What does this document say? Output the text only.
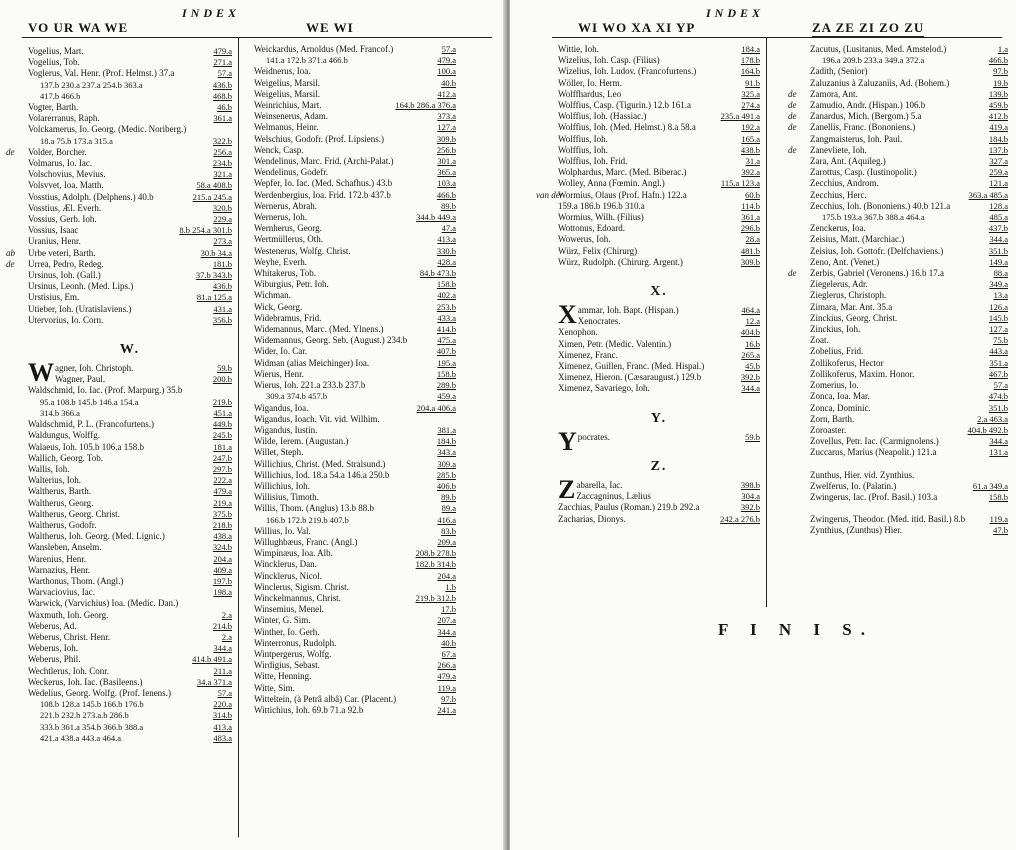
INDEX
VO UR WA WE	WE WI
Vogelius, Mart.	479.a
Vogelius, Tob.	271.a
Voglerus, Val. Henr. (Prof. Helmst.) 37.a	57.a
137.b 230.a 237.a 254.b 363.a	436.b
417.b 466.b	468.b
Vogter, Barth.	46.b
Volarerranus, Raph.	361.a
Volckamerus, Io. Georg. (Medic. Noriberg.)
18.a 75.b 173.a 315.a	322.b
de Volder, Borcher.	256.a
Volmarus, Io. Iac.	234.b
Volschovius, Mevius.	321.a
Volsvvet, Ioa. Matth.	58.a 408.b
Vosstius, Adolph. (Delphens.) 40.b	215.a 245.a
Vosstius, Æl. Everh.	320.b
Vossius, Gerb. Ioh.	229.a
Vossius, Isaac	8.b 254.a 301.b
Uranius, Henr.	273.a
ab Urbe veteri, Barth.	30.b 34.a
de Urrea, Pedro, Redeg.	181.b
Ursinus, Ioh. (Gall.)	37.b 343.b
Ursinus, Leonh. (Med. Lips.)	436.b
Urstisius, Em.	81.a 125.a
Utieber, Ioh. (Uratislaviens.)	431.a
Utervorius, Io. Corn.	356.b
W.
Wagner, Ioh. Christoph.	59.b
Wagner, Paul.	200.b
Waldschmid, Io. Iac. (Prof. Marpurg.) 35.b
95.a 108.b 145.b 146.a 154.a	219.b
314.b 366.a	451.a
Waldschmid, P. L. (Francofurtens.)	449.b
Waldungus, Wolffg.	245.b
Walaeus, Ioh. 105.b 106.a 158.b	181.a
Wallich, Georg. Tob.	247.b
Wallis, Ioh.	297.b
Walterius, Ioh.	222.a
Waltherus, Barth.	479.a
Waltherus, Georg.	219.a
Waltherus, Georg. Christ.	375.b
Waltherus, Godofr.	218.b
Waltherus, Ioh. Georg. (Med. Lignic.)	438.a
Wansleben, Anselm.	324.b
Warenius, Henr.	204.a
Warnazius, Henr.	409.a
Warthonus, Thom. (Angl.)	197.b
Warvaciovius, Iac.	198.a
Warwick, (Varvichius) Ioa. (Medic. Dan.)
Waxmuth, Ioh. Georg.	2.a
Weberus, Ad.	214.b
Weberus, Christ. Henr.	2.a
Weberus, Ioh.	344.a
Weberus, Phil.	414.b 491.a
Wechtlerus, Ioh. Conr.	211.a
Weckerus, Ioh. Iac. (Basileens.)	34.a 371.a
Wedelius, Georg. Wolfg. (Prof. Ienens.)	57.a
108.b 128.a 145.b 166.b 176.b	220.a
221.b 232.b 273.a.b 286.b	314.b
333.b 361.a 354.b 366.b 388.a	413.a
421.a 438.a 443.a 464.a	483.a
Weickardus, Arnoldus (Med. Francof.)	57.a
141.a 172.b 371.a 466.b	479.a
Weidnerus, Ioa.	100.a
Weigelius, Marsil.	40.b
Weigelius, Marsil.	412.a
Weinrichius, Mart.	164.b 286.a 376.a
Weinsenerus, Adam.	373.a
Welmanus, Heinr.	127.a
Welschius, Godofr. (Prof. Lipsiens.)	309.b
Wenck, Casp.	256.b
Wendelinus, Marc. Frid. (Archi-Palat.)	301.a
Wendelinus, Godefr.	365.a
Wepfer, Io. Iac. (Med. Schafhus.) 43.b	103.a
Werdenbergius, Ioa. Frid. 172.b 437.b	466.b
Wernerus, Abrah.	89.b
Wernerus, Ioh.	344.b 449.a
Wernherus, Georg.	47.a
Wertmüllerus, Oth.	413.a
Westenerus, Wolfg. Christ.	330.b
Weyhe, Everh.	428.a
Whitakerus, Tob.	84.b 473.b
Wiburgius, Petr. Ioh.	158.b
Wichman.	402.a
Wick, Georg.	253.b
Widebramus, Frid.	433.a
Widemannus, Marc. (Med. Ylnens.)	414.b
Widemannus, Georg. Seb. (August.) 234.b	475.a
Wider, Io. Car.	407.b
Widman (alias Meichinger) Ioa.	195.a
Wierus, Henr.	158.b
Wierus, Ioh. 221.a 233.b 237.b	289.b
309.a 374.b 457.b	459.a
Wigandus, Ioa.	204.a 406.a
Wigandus, Ioach. Vit. vid. Wilhim.
Wigandus, Iustin.	381.a
Wilde, Ierem. (Augustan.)	184.b
Willet, Steph.	343.a
Willichius, Christ. (Med. Stralsund.)	309.a
Willichius, Iod. 18.a 54.a 146.a 250.b	285.b
Willichius, Ioh.	406.b
Willisius, Timoth.	89.b
Willis, Thom. (Anglus) 13.b 88.b	89.a
166.b 172.b 219.b 407.b	416.a
Willius, Io. Val.	83.b
Willughbæus, Franc. (Angl.)	209.a
Wimpinæus, Ioa. Alb.	208.b 278.b
Wincklerus, Dan.	182.b 314.b
Wincklerus, Nicol.	204.a
Winclerus, Sigism. Christ.	1.b
Winckelmannus, Christ.	219.b 312.b
Winsemius, Menel.	17.b
Winter, G. Sim.	207.a
Winther, Io. Gerh.	344.a
Winterronus, Rudolph.	40.b
Wintpergerus, Wolfg.	67.a
Wirdigius, Sebast.	266.a
Witte, Henning.	479.a
Witte, Sim.	119.a
Witteltein, (à Petrâ albâ) Car. (Placent.)	97.b
Wittichius, Ioh. 69.b 71.a 92.b	241.a
INDEX
WI WO XA XI YP	ZA ZE ZI ZO ZU
Wittie, Ioh.	184.a
Wizelius, Ioh. Casp. (Filius)	178.b
Wizelius, Ioh. Ludov. (Francofurtens.)	164.b
Wöller, Io. Herm.	91.b
Wolffhardus, Leo	325.a
Wolffius, Casp. (Tigurin.) 12.b 161.a	274.a
Wolffius, Ioh. (Hassiac.)	235.a 491.a
Wolffius, Ioh. (Med. Helmst.) 8.a 58.a	192.a
Wolffius, Ioh.	165.a
Wolffius, Ioh.	438.b
Wolffius, Ioh. Frid.	31.a
Wolphardus, Marc. (Med. Biberac.)	392.a
Wolley, Anna (Fœmin. Angl.)	115.a 123.a
van der
Wormius, Olaus (Prof. Hafn.) 122.a	60.b
159.a 186.b 196.b 310.a	114.b
Wormius, Wilh. (Filius)	361.a
Wottonus, Edoard.	296.b
Wowerus, Ioh.	28.a
Würz, Felix (Chirurg)	481.b
Würz, Rudolph. (Chirurg. Argent.)	309.b
X.
Xammar, Ioh. Bapt. (Hispan.)	464.a
Xenocrates.	12.a
Xenophon.	404.b
Ximen, Petr. (Medic. Valentin.)	16.b
Ximenez, Franc.	265.a
Ximenez, Guillen, Franc. (Med. Hispal.)	45.b
Ximenez, Hieron. (Cæsaraugust.) 129.b	392.b
Ximenez, Savariego, Ioh.	344.a
Y.
Ypocrates.	59.b
Z.
Zabarella, Iac.	398.b
Zaccagninus, Lælius	304.a
Zacchias, Paulus (Roman.) 219.b 292.a	392.b
Zacharias, Dionys.	242.a 276.b
Zacutus, (Lusitanus, Med. Amstelod.)	1.a
196.a 209.b 233.a 349.a 372.a	466.b
Zadith, (Senior)	97.b
Zaluzanius à Zaluzaniis, Ad. (Bohem.)	19.b
de Zamora, Ant.	139.b
de Zamudio, Andr. (Hispan.) 106.b	459.b
de Zanardus, Mich. (Bergom.) 5.a	412.b
de Zanellis, Franc. (Bononiens.)	419.a
Zangmaisterus, Ioh. Paul.	184.b
de Zanevliete, Ioh.	137.b
Zara, Ant. (Aquileg.)	327.a
Zarottus, Casp. (Iustinopolit.)	259.a
Zecchius, Androm.	121.a
Zecchius, Herc.	363.a 485.a
Zecchius, Ioh. (Bononiens.) 40.b 121.a	128.a
175.b 193.a 367.b 388.a 464.a	485.a
Zenckerus, Ioa.	437.b
Zeisius, Matt. (Marchiac.)	344.a
Zeisius, Ioh. Gottofr. (Delfchaviens.)	351.b
Zeno, Ant. (Venet.)	149.a
de Zerbis, Gabriel (Veronens.) 16.b 17.a	88.a
Ziegelerus, Adr.	349.a
Zieglerus, Christoph.	13.a
Zimara, Mar. Ant. 35.a	126.a
Zinckius, Georg. Christ.	145.b
Zinckius, Ioh.	127.a
Zoat.	75.b
Zobelius, Frid.	443.a
Zollikoferus, Hector	351.a
Zollikoferus, Maxim. Honor.	467.b
Zomerius, Io.	57.a
Zonca, Ioa. Mar.	474.b
Zonca, Dominic.	351.b
Zorn, Barth.	2.a 463.a
Zoroaster.	404.b 492.b
Zovellus, Petr. Iac. (Carmignolens.)	344.a
Zuccarus, Marius (Neapolit.) 121.a	131.a
Zunthus, Hier. vid. Zynthius.
Zwelferus, Io. (Palatin.)	61.a 349.a
Zwingerus, Iac. (Prof. Basil.) 103.a	158.b
Zwingerus, Theodor. (Med. itid. Basil.) 8.b	119.a
Zynthius, (Zunthus) Hier.	47.b
F I N I S.
